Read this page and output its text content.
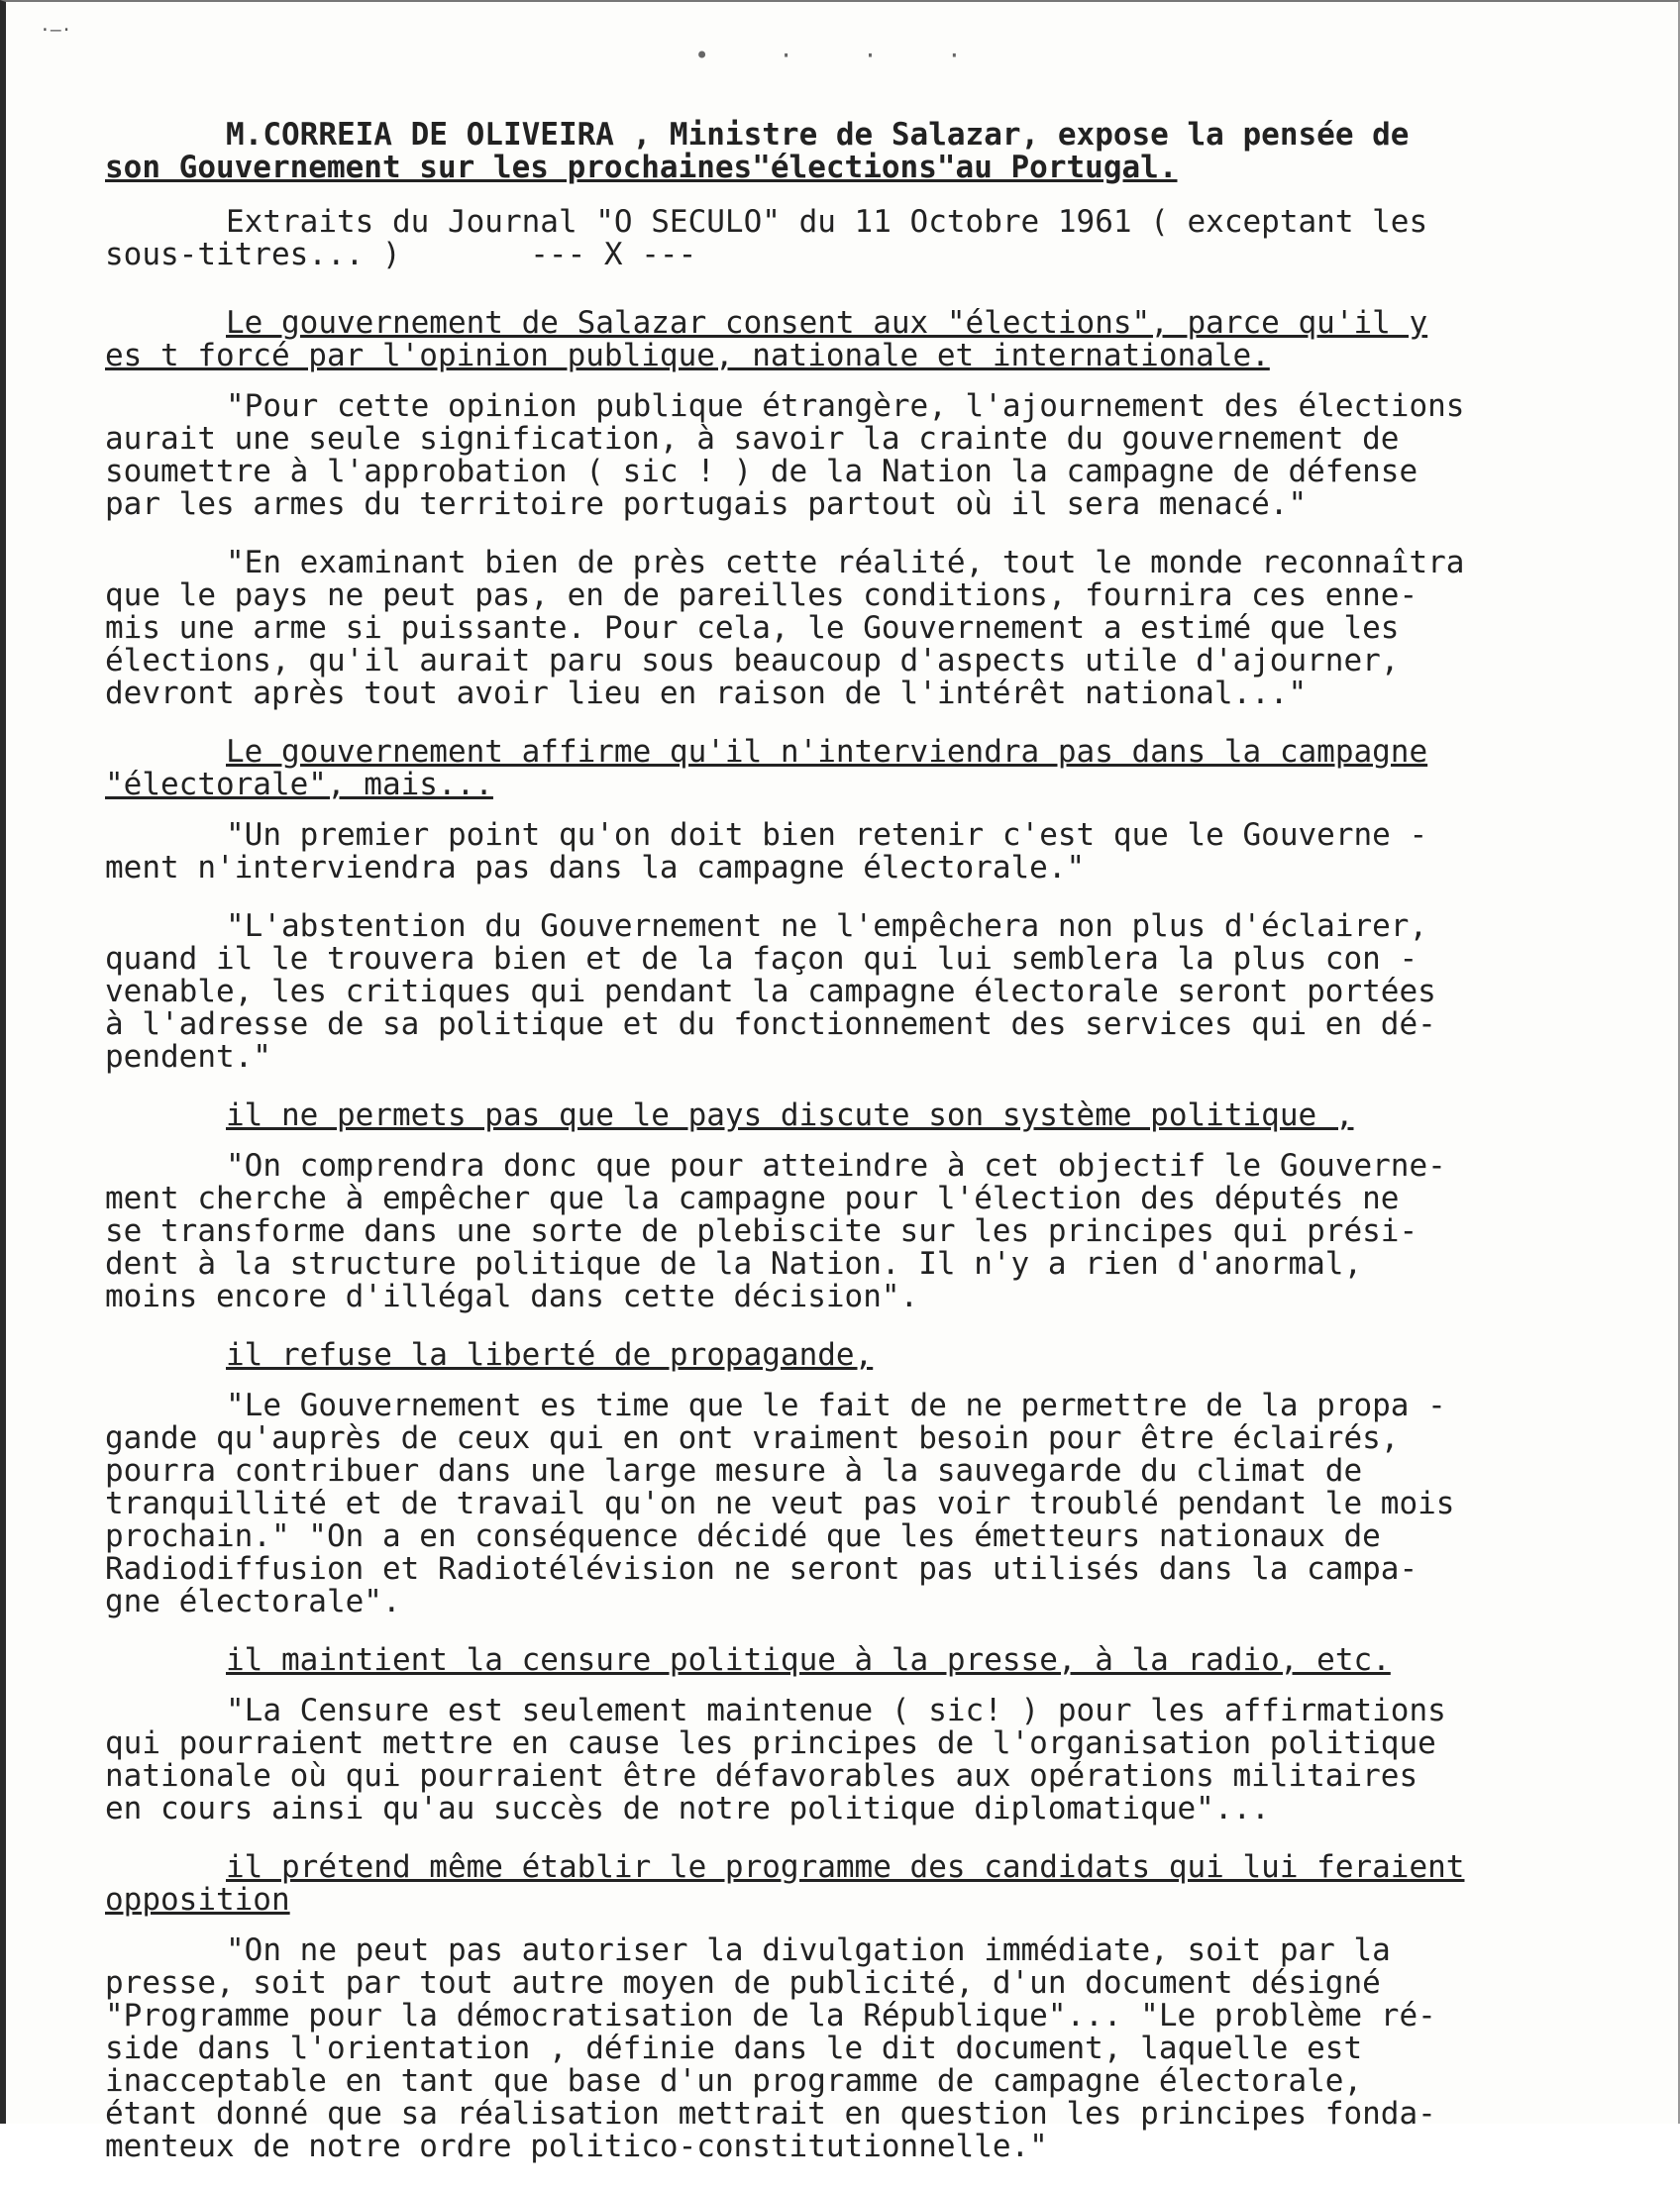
·—·
• · · ·
M.CORREIA DE OLIVEIRA , Ministre de Salazar, expose la pensée de
son Gouvernement sur les prochaines"élections"au Portugal.
Extraits du Journal "O SECULO" du 11 Octobre 1961 ( exceptant les
sous-titres... )       --- X ---
Le gouvernement de Salazar consent aux "élections", parce qu'il y
es t forcé par l'opinion publique, nationale et internationale.
"Pour cette opinion publique étrangère, l'ajournement des élections
aurait une seule signification, à savoir la crainte du gouvernement de
soumettre à l'approbation ( sic ! ) de la Nation la campagne de défense
par les armes du territoire portugais partout où il sera menacé."
"En examinant bien de près cette réalité, tout le monde reconnaîtra
que le pays ne peut pas, en de pareilles conditions, fournira ces enne-
mis une arme si puissante. Pour cela, le Gouvernement a estimé que les
élections, qu'il aurait paru sous beaucoup d'aspects utile d'ajourner,
devront après tout avoir lieu en raison de l'intérêt national..."
Le gouvernement affirme qu'il n'interviendra pas dans la campagne
"électorale", mais...
"Un premier point qu'on doit bien retenir c'est que le Gouverne -
ment n'interviendra pas dans la campagne électorale."
"L'abstention du Gouvernement ne l'empêchera non plus d'éclairer,
quand il le trouvera bien et de la façon qui lui semblera la plus con -
venable, les critiques qui pendant la campagne électorale seront portées
à l'adresse de sa politique et du fonctionnement des services qui en dé-
pendent."
il ne permets pas que le pays discute son système politique ,
"On comprendra donc que pour atteindre à cet objectif le Gouverne-
ment cherche à empêcher que la campagne pour l'élection des députés ne
se transforme dans une sorte de plebiscite sur les principes qui prési-
dent à la structure politique de la Nation. Il n'y a rien d'anormal,
moins encore d'illégal dans cette décision".
il refuse la liberté de propagande,
"Le Gouvernement es time que le fait de ne permettre de la propa -
gande qu'auprès de ceux qui en ont vraiment besoin pour être éclairés,
pourra contribuer dans une large mesure à la sauvegarde du climat de
tranquillité et de travail qu'on ne veut pas voir troublé pendant le mois
prochain." "On a en conséquence décidé que les émetteurs nationaux de
Radiodiffusion et Radiotélévision ne seront pas utilisés dans la campa-
gne électorale".
il maintient la censure politique à la presse, à la radio, etc.
"La Censure est seulement maintenue ( sic! ) pour les affirmations
qui pourraient mettre en cause les principes de l'organisation politique
nationale où qui pourraient être défavorables aux opérations militaires
en cours ainsi qu'au succès de notre politique diplomatique"...
il prétend même établir le programme des candidats qui lui feraient
opposition
"On ne peut pas autoriser la divulgation immédiate, soit par la
presse, soit par tout autre moyen de publicité, d'un document désigné
"Programme pour la démocratisation de la République"... "Le problème ré-
side dans l'orientation , définie dans le dit document, laquelle est
inacceptable en tant que base d'un programme de campagne électorale,
étant donné que sa réalisation mettrait en question les principes fonda-
menteux de notre ordre politico-constitutionnelle."
